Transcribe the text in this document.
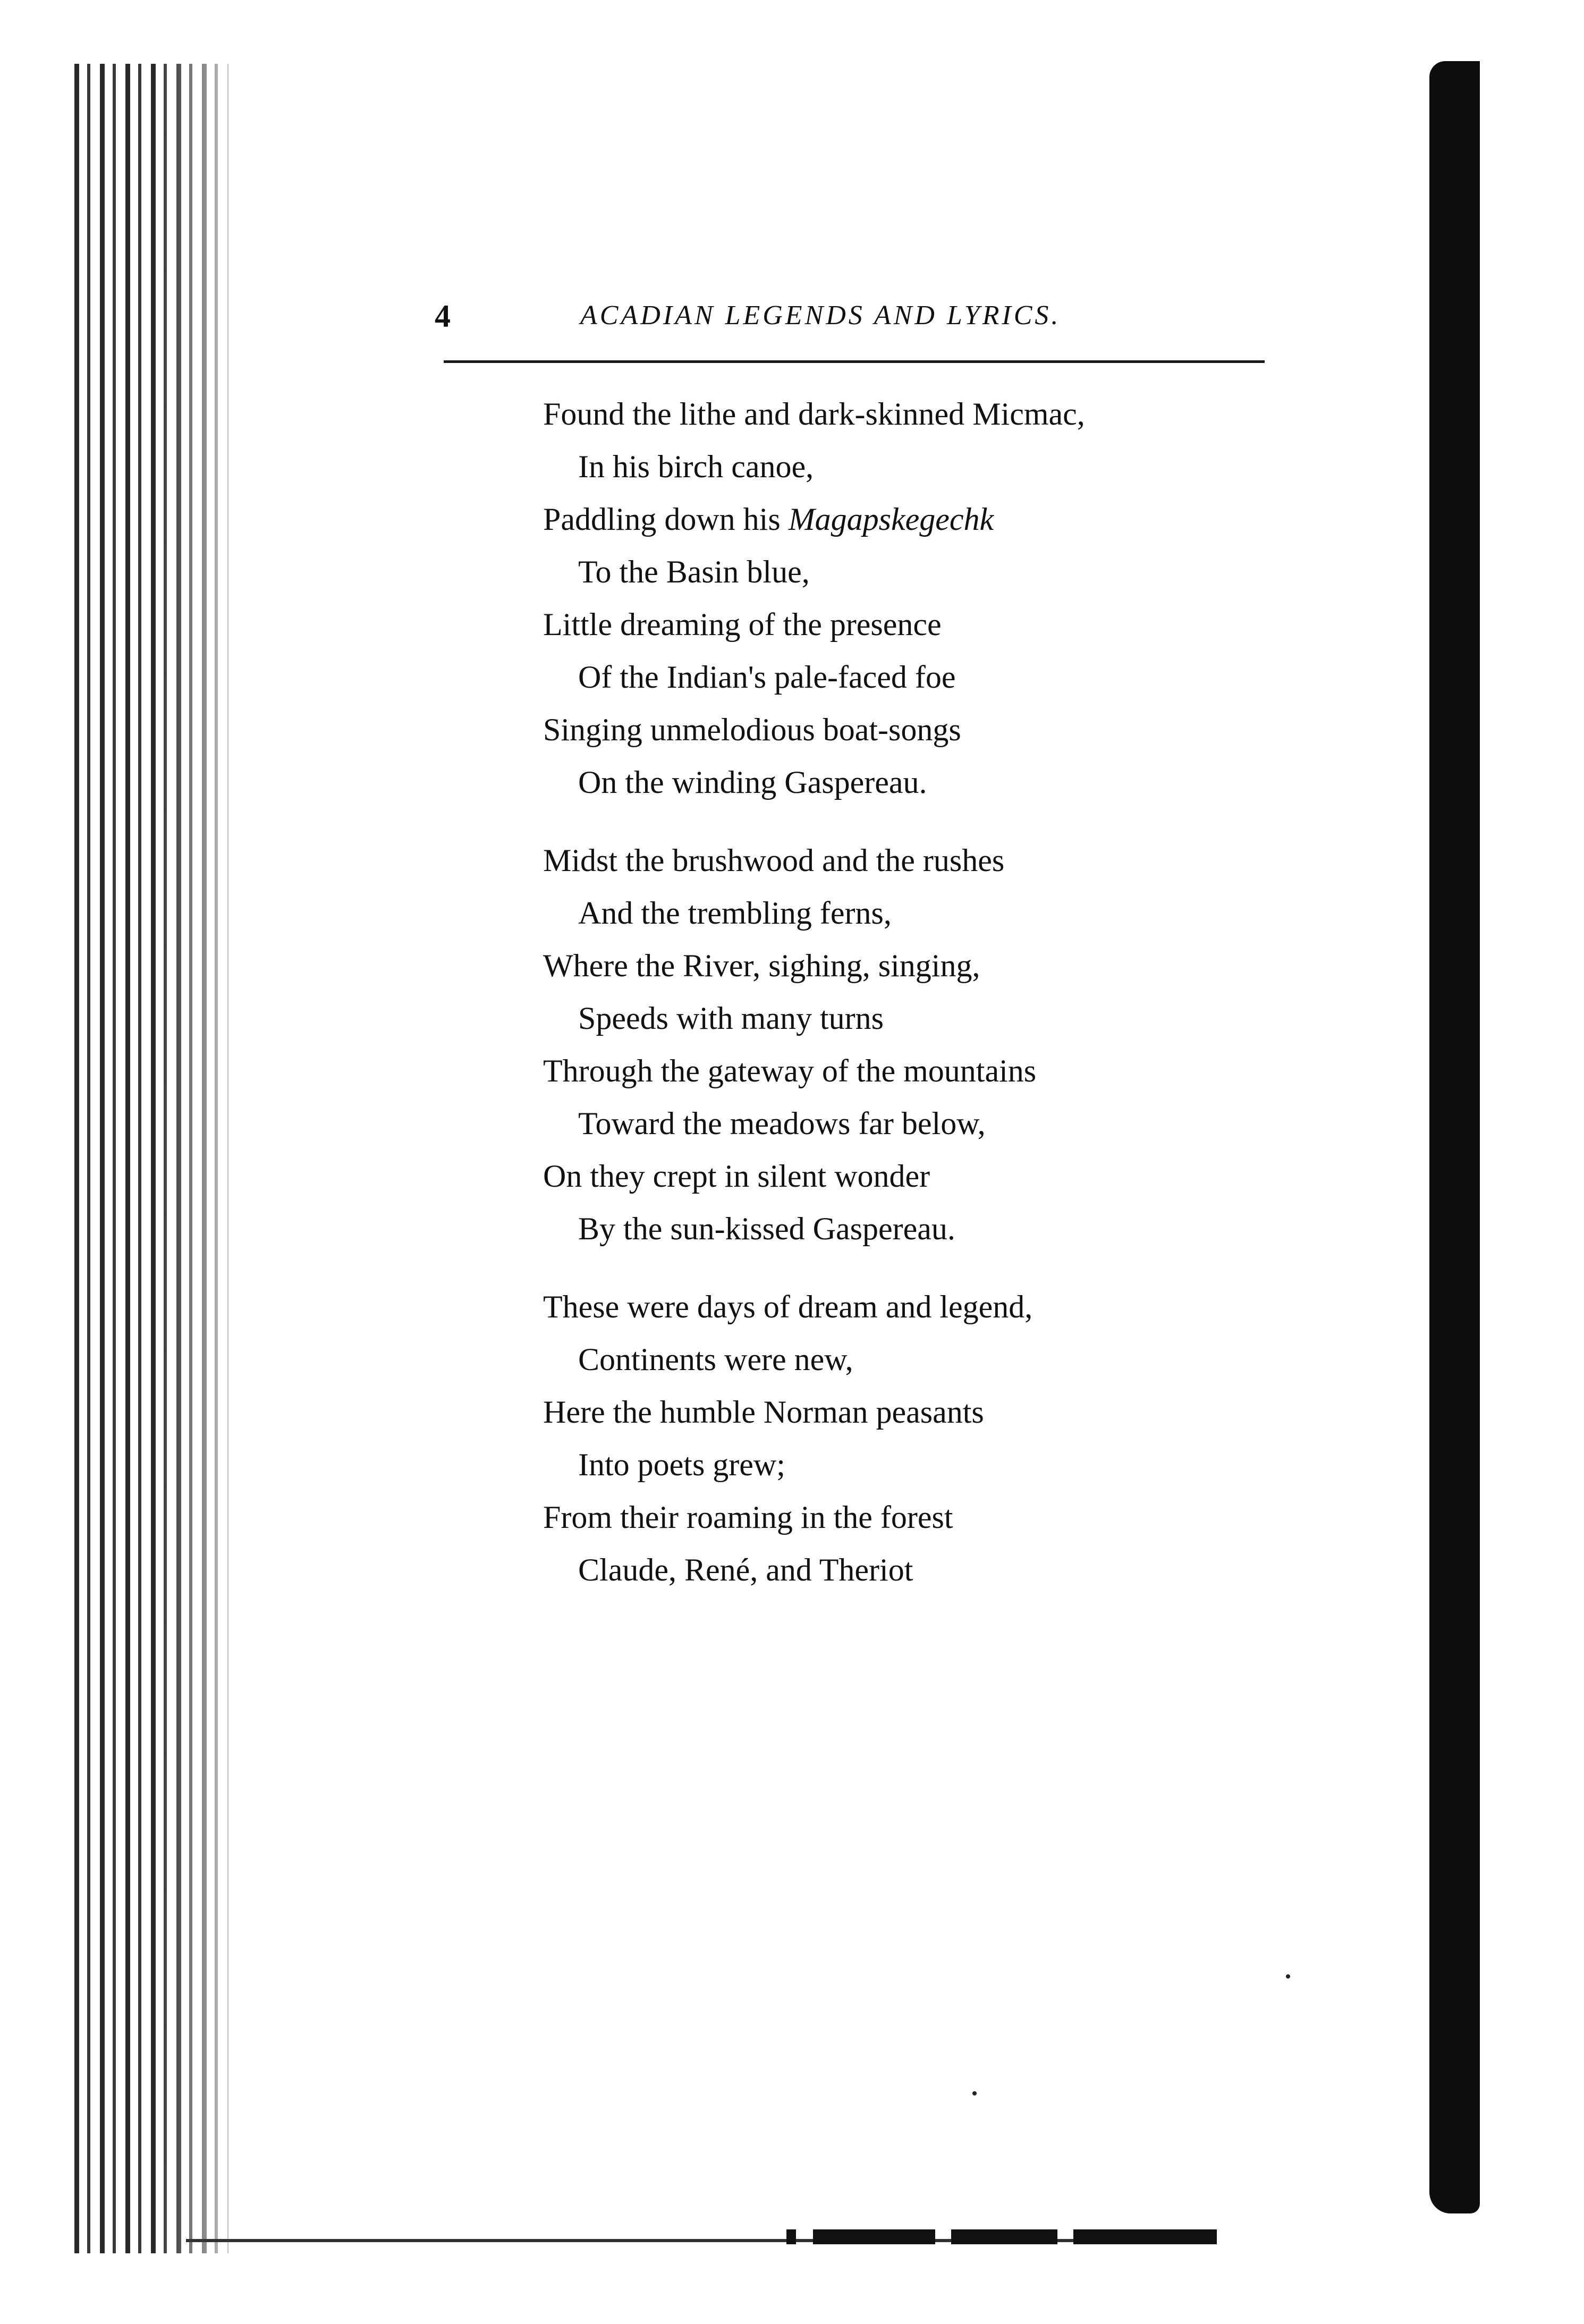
4	ACADIAN LEGENDS AND LYRICS.
Found the lithe and dark-skinned Micmac,
In his birch canoe,
Paddling down his Magapskegechk
To the Basin blue,
Little dreaming of the presence
Of the Indian's pale-faced foe
Singing unmelodious boat-songs
On the winding Gaspereau.
Midst the brushwood and the rushes
And the trembling ferns,
Where the River, sighing, singing,
Speeds with many turns
Through the gateway of the mountains
Toward the meadows far below,
On they crept in silent wonder
By the sun-kissed Gaspereau.
These were days of dream and legend,
Continents were new,
Here the humble Norman peasants
Into poets grew;
From their roaming in the forest
Claude, René, and Theriot
